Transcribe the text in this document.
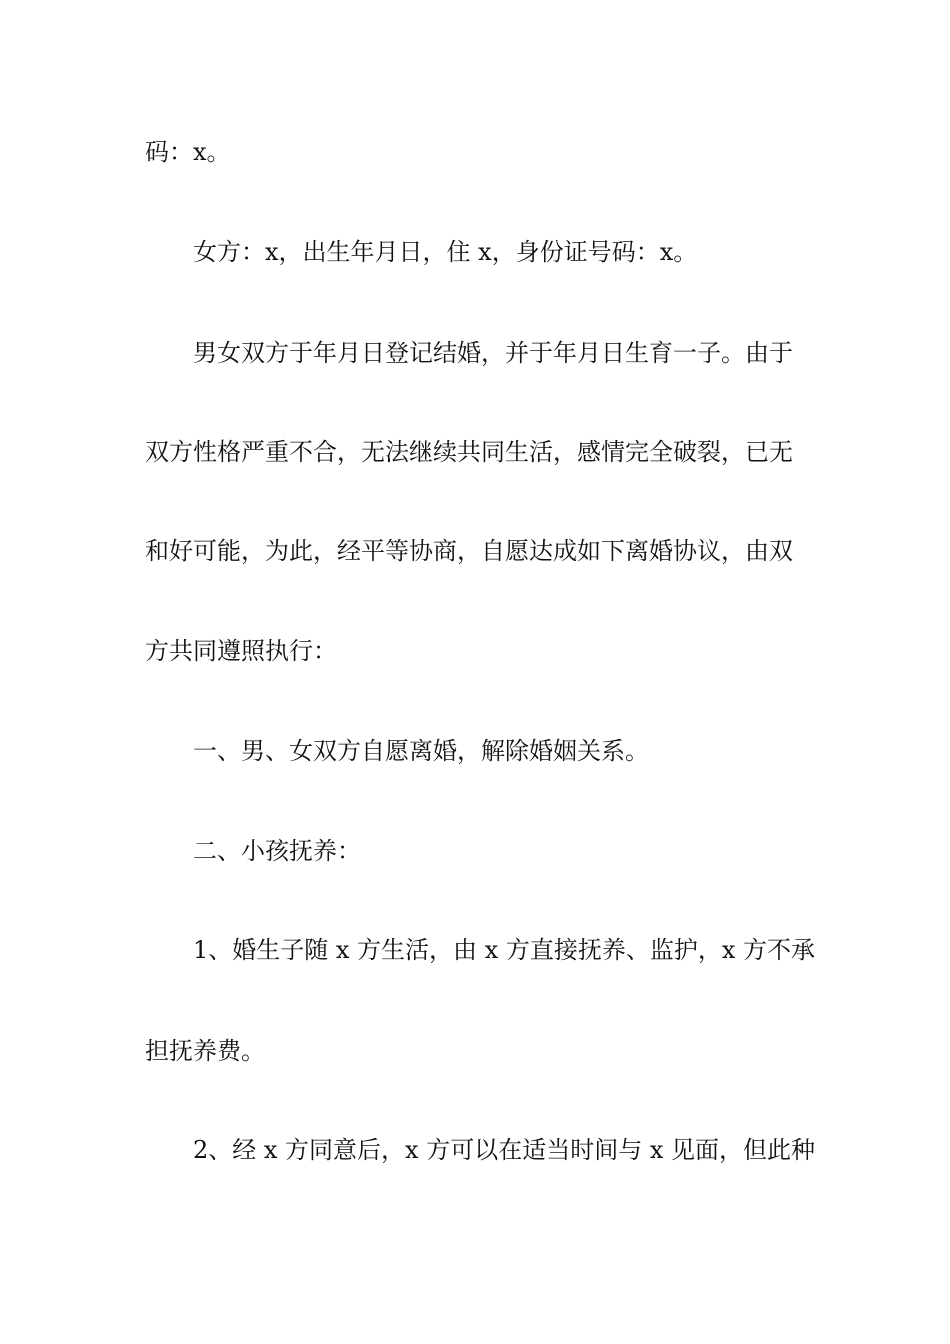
码：x。
女方：x，出生年月日，住 x，身份证号码：x。
男女双方于年月日登记结婚，并于年月日生育一子。由于
双方性格严重不合，无法继续共同生活，感情完全破裂，已无
和好可能，为此，经平等协商，自愿达成如下离婚协议，由双
方共同遵照执行：
一、男、女双方自愿离婚，解除婚姻关系。
二、小孩抚养：
1、婚生子随 x 方生活，由 x 方直接抚养、监护，x 方不承
担抚养费。
2、经 x 方同意后，x 方可以在适当时间与 x 见面，但此种
